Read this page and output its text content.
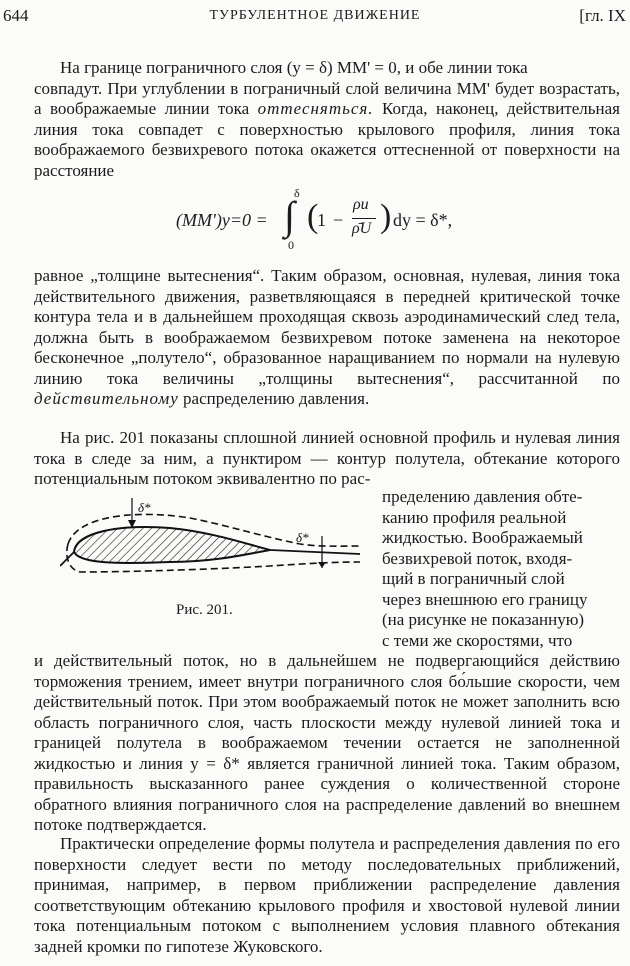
644	ТУРБУЛЕНТНОЕ ДВИЖЕНИЕ	[гл. IX

На границе пограничного слоя (y = δ) MM' = 0, и обе линии тока

совпадут. При углублении в пограничный слой величина MM' будет возрастать, а воображаемые линии тока оттесняться. Когда, наконец, действительная линия тока совпадет с поверхностью крылового профиля, линия тока воображаемого безвихревого потока окажется оттесненной от поверхности на расстояние

(MM')y=0 =
δ
∫
0
(
1 −
ρu
ρ̄U ) dy = δ*,

равное „толщине вытеснения“. Таким образом, основная, нулевая, линия тока действительного движения, разветвляющаяся в передней критической точке контура тела и в дальнейшем проходящая сквозь аэродинамический след тела, должна быть в воображаемом безвихревом потоке заменена на некоторое бесконечное „полутело“, образованное наращиванием по нормали на нулевую линию тока величины „толщины вытеснения“, рассчитанной по действительному распределению давления.

На рис. 201 показаны сплошной линией основной профиль и нулевая линия тока в следе за ним, а пунктиром — контур полутела, обтекание которого потенциальным потоком эквивалентно по рас-

δ*
δ*
Рис. 201.

пределению давления обте-

канию профиля реальной

жидкостью. Воображаемый

безвихревой поток, входя-

щий в пограничный слой

через внешнюю его границу

(на рисунке не показанную)

с теми же скоростями, что

и действительный поток, но в дальнейшем не подвергающийся действию торможения трением, имеет внутри пограничного слоя бо́льшие скорости, чем действительный поток. При этом воображаемый поток не может заполнить всю область пограничного слоя, часть плоскости между нулевой линией тока и границей полутела в воображаемом течении остается не заполненной жидкостью и линия y = δ* является граничной линией тока. Таким образом, правильность высказанного ранее суждения о количественной стороне обратного влияния пограничного слоя на распределение давлений во внешнем потоке подтверждается.

Практически определение формы полутела и распределения давления по его поверхности следует вести по методу последовательных приближений, принимая, например, в первом приближении распределение давления соответствующим обтеканию крылового профиля и хвостовой нулевой линии тока потенциальным потоком с выполнением условия плавного обтекания задней кромки по гипотезе Жуковского.
